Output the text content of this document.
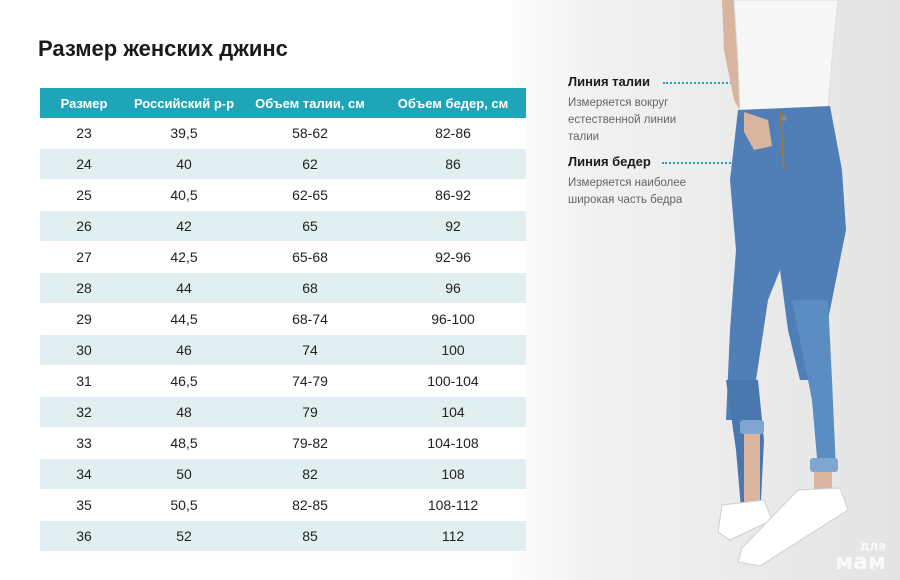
Размер женских джинс
Размер	Российский р-р	Объем талии, см	Объем бедер, см
23	39,5	58-62	82-86
24	40	62	86
25	40,5	62-65	86-92
26	42	65	92
27	42,5	65-68	92-96
28	44	68	96
29	44,5	68-74	96-100
30	46	74	100
31	46,5	74-79	100-104
32	48	79	104
33	48,5	79-82	104-108
34	50	82	108
35	50,5	82-85	108-112
36	52	85	112
Линия талии
Измеряется вокруг естественной линии талии
Линия бедер
Измеряется наиболее широкая часть бедра
для
мам
